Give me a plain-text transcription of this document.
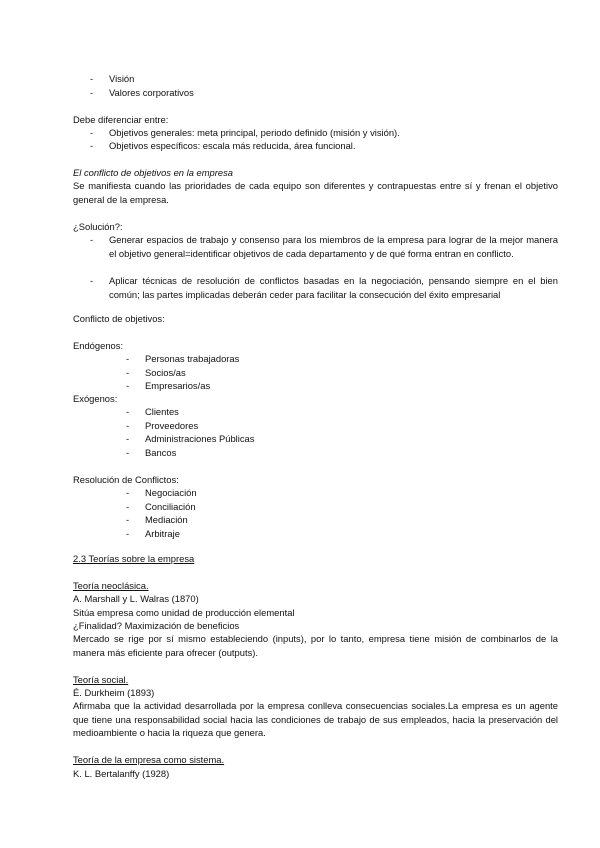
- Visión
- Valores corporativos
Debe diferenciar entre:
- Objetivos generales: meta principal, periodo definido (misión y visión).
- Objetivos específicos: escala más reducida, área funcional.
El conflicto de objetivos en la empresa
Se manifiesta cuando las prioridades de cada equipo son diferentes y contrapuestas entre sí y frenan el objetivo general de la empresa.
¿Solución?:
- Generar espacios de trabajo y consenso para los miembros de la empresa para lograr de la mejor manera el objetivo general=identificar objetivos de cada departamento y de qué forma entran en conflicto.
- Aplicar técnicas de resolución de conflictos basadas en la negociación, pensando siempre en el bien común; las partes implicadas deberán ceder para facilitar la consecución del éxito empresarial
Conflicto de objetivos:
Endógenos:
- Personas trabajadoras
- Socios/as
- Empresarios/as
Exógenos:
- Clientes
- Proveedores
- Administraciones Públicas
- Bancos
Resolución de Conflictos:
- Negociación
- Conciliación
- Mediación
- Arbitraje
2.3 Teorías sobre la empresa
Teoría neoclásica.
A. Marshall y L. Walras (1870)
Sitúa empresa como unidad de producción elemental
¿Finalidad? Maximización de beneficios
Mercado se rige por sí mismo estableciendo (inputs), por lo tanto, empresa tiene misión de combinarlos de la manera más eficiente para ofrecer (outputs).
Teoría social.
É. Durkheim (1893)
Afirmaba que la actividad desarrollada por la empresa conlleva consecuencias sociales.La empresa es un agente que tiene una responsabilidad social hacia las condiciones de trabajo de sus empleados, hacia la preservación del medioambiente o hacia la riqueza que genera.
Teoría de la empresa como sistema.
K. L. Bertalanffy (1928)
